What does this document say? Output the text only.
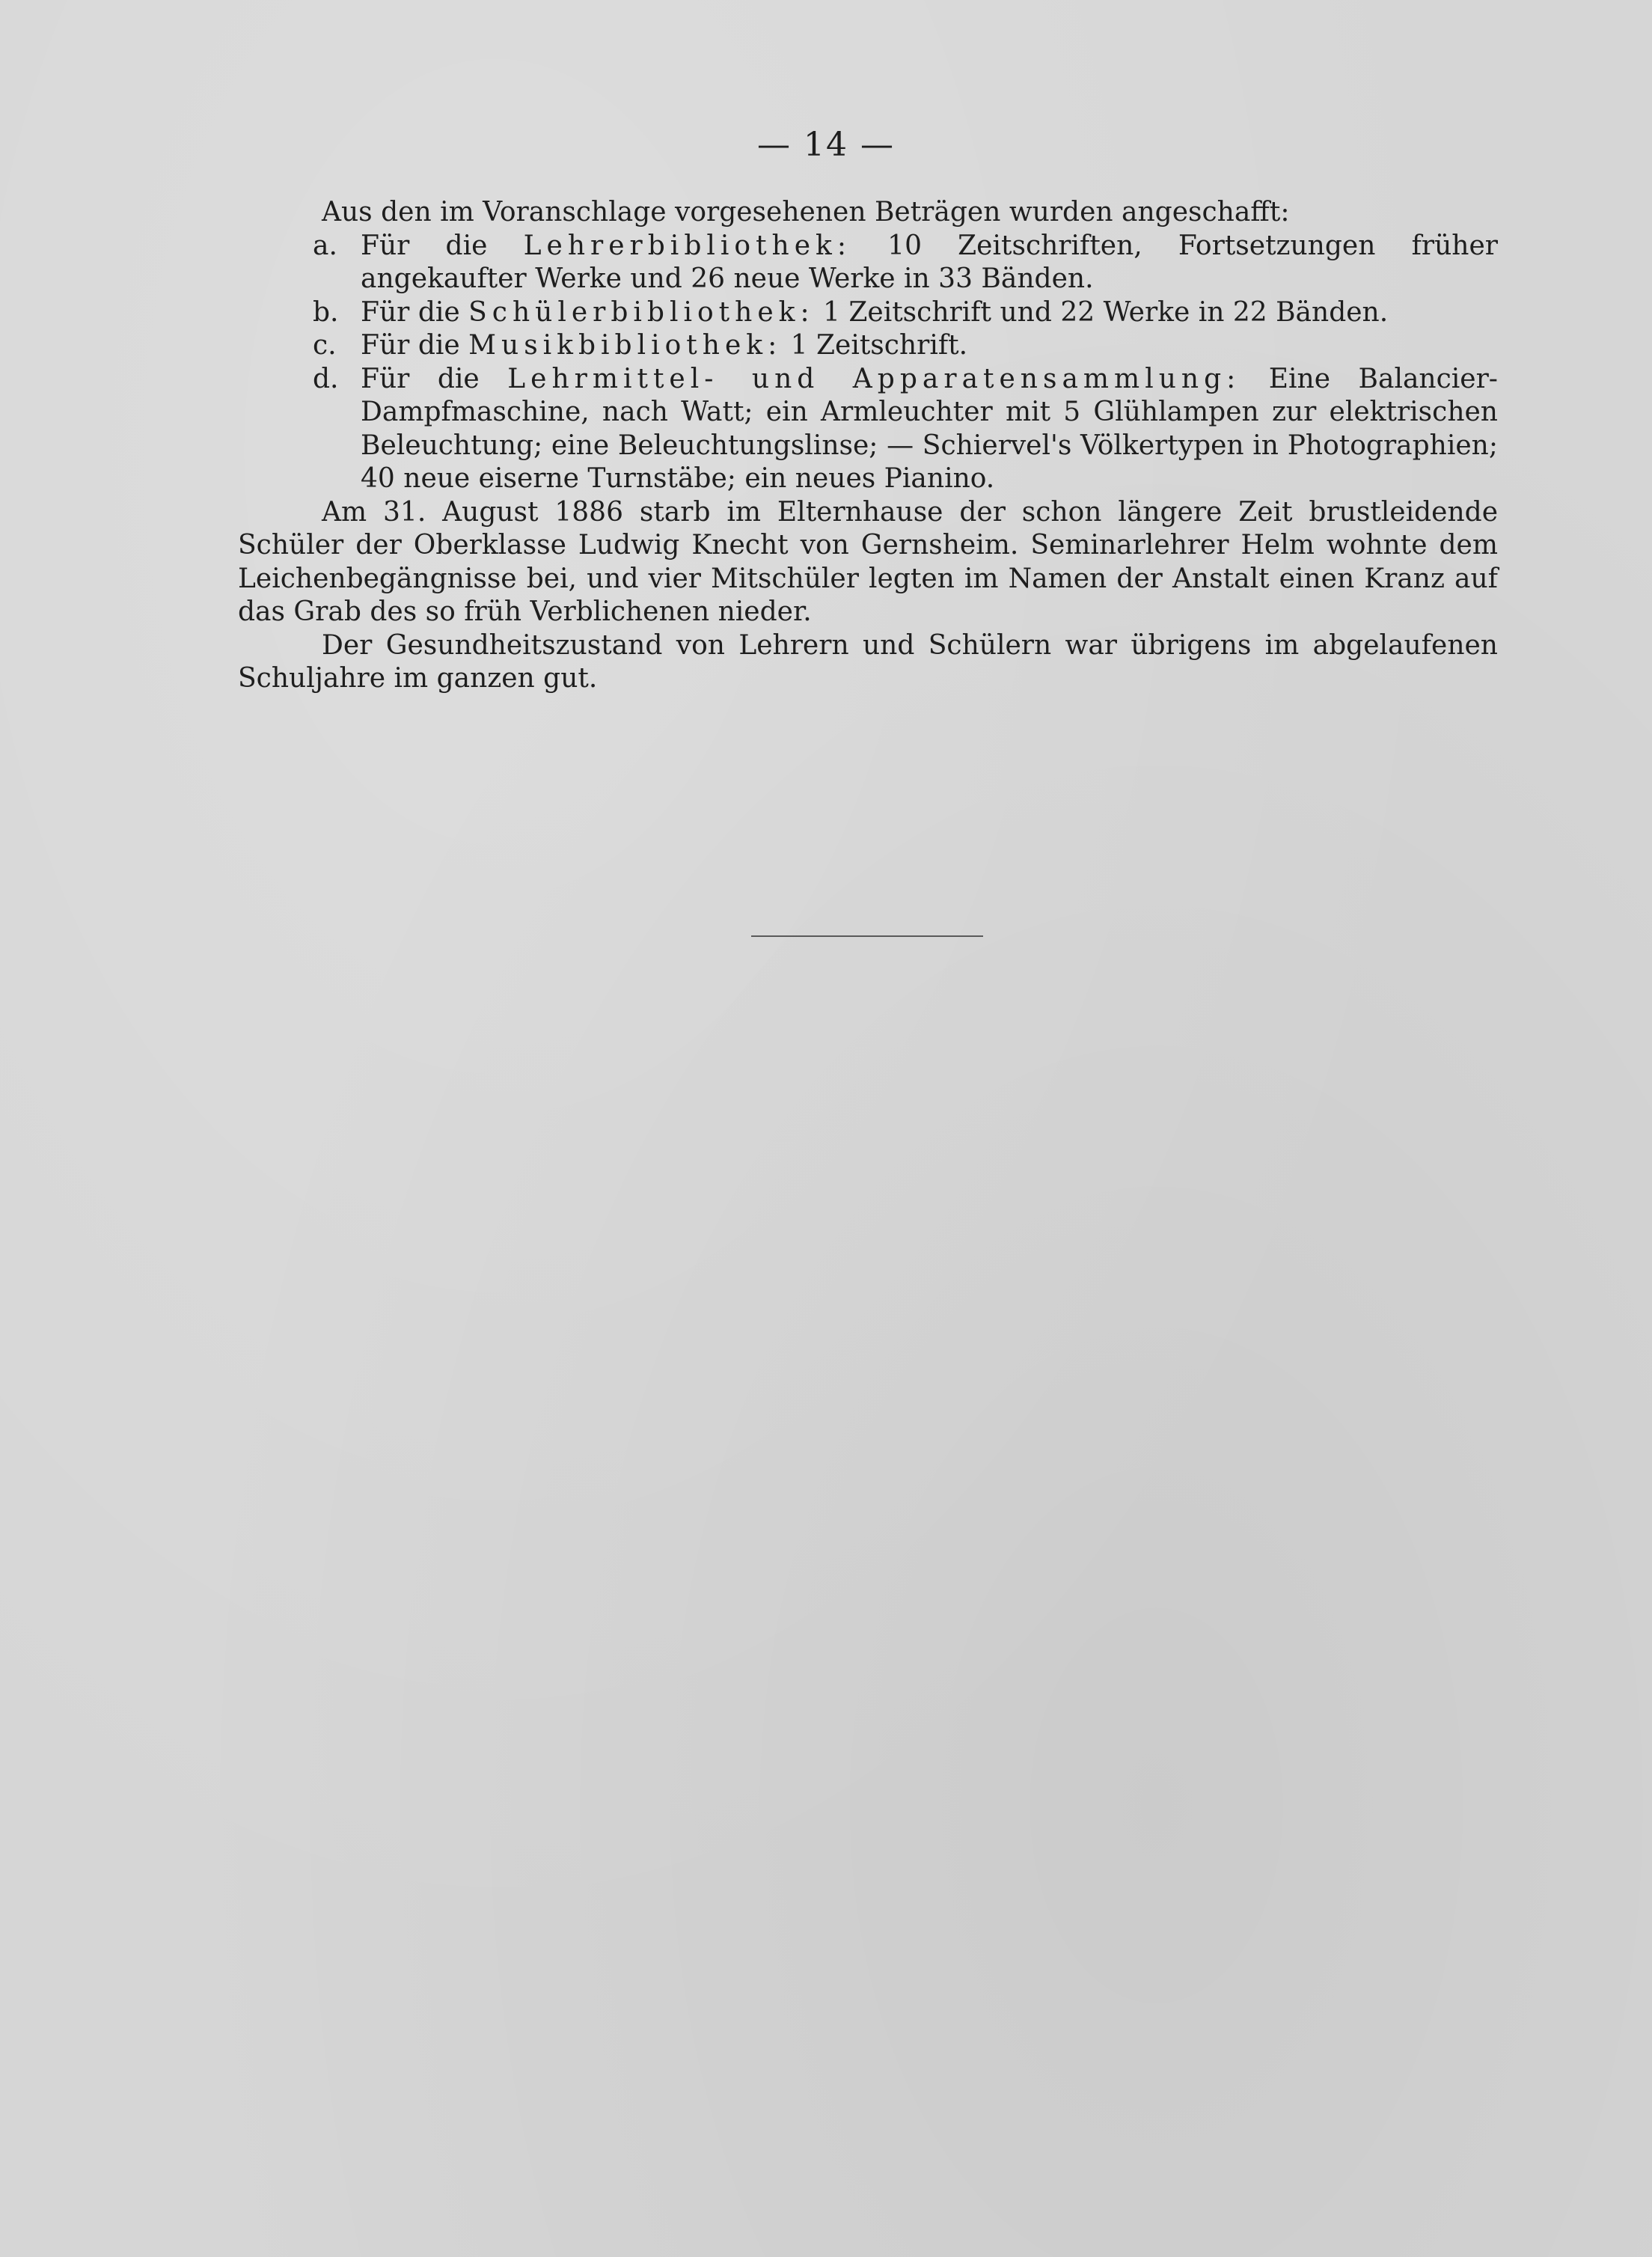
— 14 —

Aus den im Voranschlage vorgesehenen Beträgen wurden angeschafft:

a. Für die Lehrerbibliothek: 10 Zeitschriften, Fortsetzungen früher angekaufter Werke und 26 neue Werke in 33 Bänden.
b. Für die Schülerbibliothek: 1 Zeitschrift und 22 Werke in 22 Bänden.
c. Für die Musikbibliothek: 1 Zeitschrift.
d. Für die Lehrmittel- und Apparatensammlung: Eine Balancier-Dampfmaschine, nach Watt; ein Armleuchter mit 5 Glühlampen zur elektrischen Beleuchtung; eine Beleuchtungslinse; — Schiervel's Völkertypen in Photographien; 40 neue eiserne Turnstäbe; ein neues Pianino.

Am 31. August 1886 starb im Elternhause der schon längere Zeit brustleidende Schüler der Oberklasse Ludwig Knecht von Gernsheim. Seminarlehrer Helm wohnte dem Leichenbegängnisse bei, und vier Mitschüler legten im Namen der Anstalt einen Kranz auf das Grab des so früh Verblichenen nieder.

Der Gesundheitszustand von Lehrern und Schülern war übrigens im abgelaufenen Schuljahre im ganzen gut.
